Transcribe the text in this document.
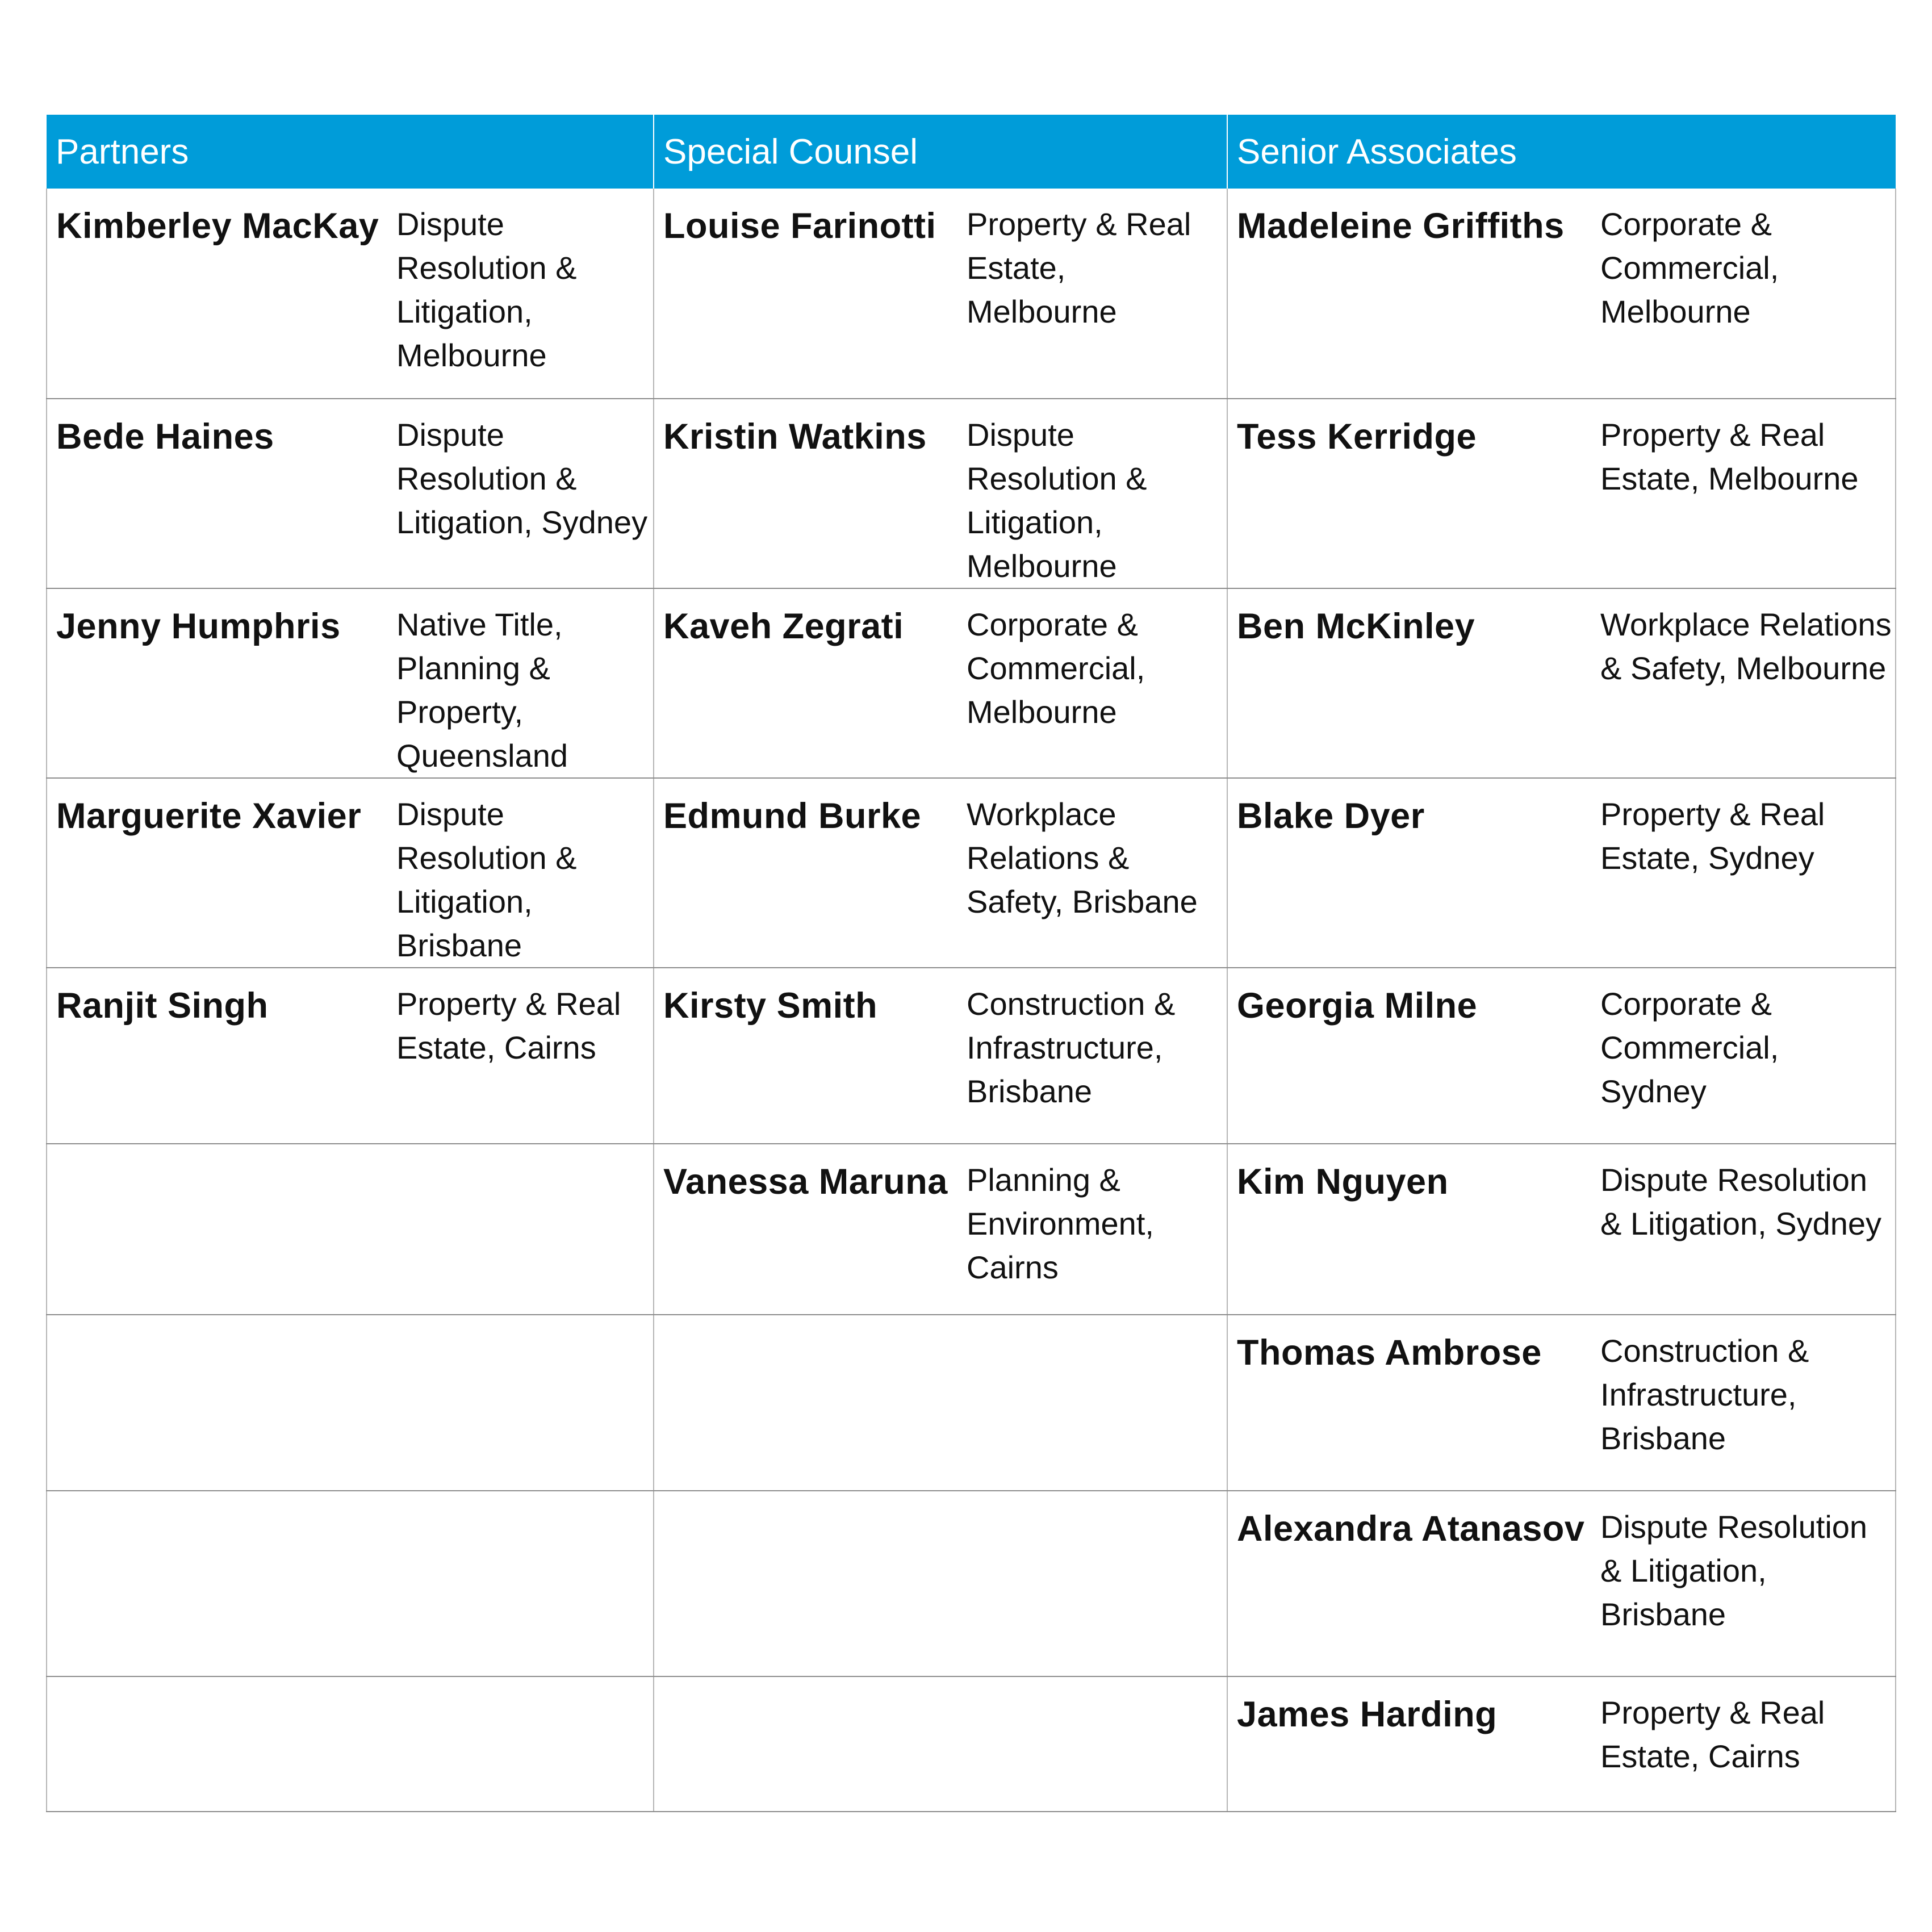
Partners		Special Counsel		Senior Associates	
Kimberley MacKay	Dispute Resolution & Litigation, Melbourne	Louise Farinotti	Property & Real Estate, Melbourne	Madeleine Griffiths	Corporate & Commercial, Melbourne
Bede Haines	Dispute Resolution & Litigation, Sydney	Kristin Watkins	Dispute Resolution & Litigation, Melbourne	Tess Kerridge	Property & Real Estate, Melbourne
Jenny Humphris	Native Title, Planning & Property, Queensland	Kaveh Zegrati	Corporate & Commercial, Melbourne	Ben McKinley	Workplace Relations & Safety, Melbourne
Marguerite Xavier	Dispute Resolution & Litigation, Brisbane	Edmund Burke	Workplace Relations & Safety, Brisbane	Blake Dyer	Property & Real Estate, Sydney
Ranjit Singh	Property & Real Estate, Cairns	Kirsty Smith	Construction & Infrastructure, Brisbane	Georgia Milne	Corporate & Commercial, Sydney
		Vanessa Maruna	Planning & Environment, Cairns	Kim Nguyen	Dispute Resolution & Litigation, Sydney
				Thomas Ambrose	Construction & Infrastructure, Brisbane
				Alexandra Atanasov	Dispute Resolution & Litigation, Brisbane
				James Harding	Property & Real Estate, Cairns
